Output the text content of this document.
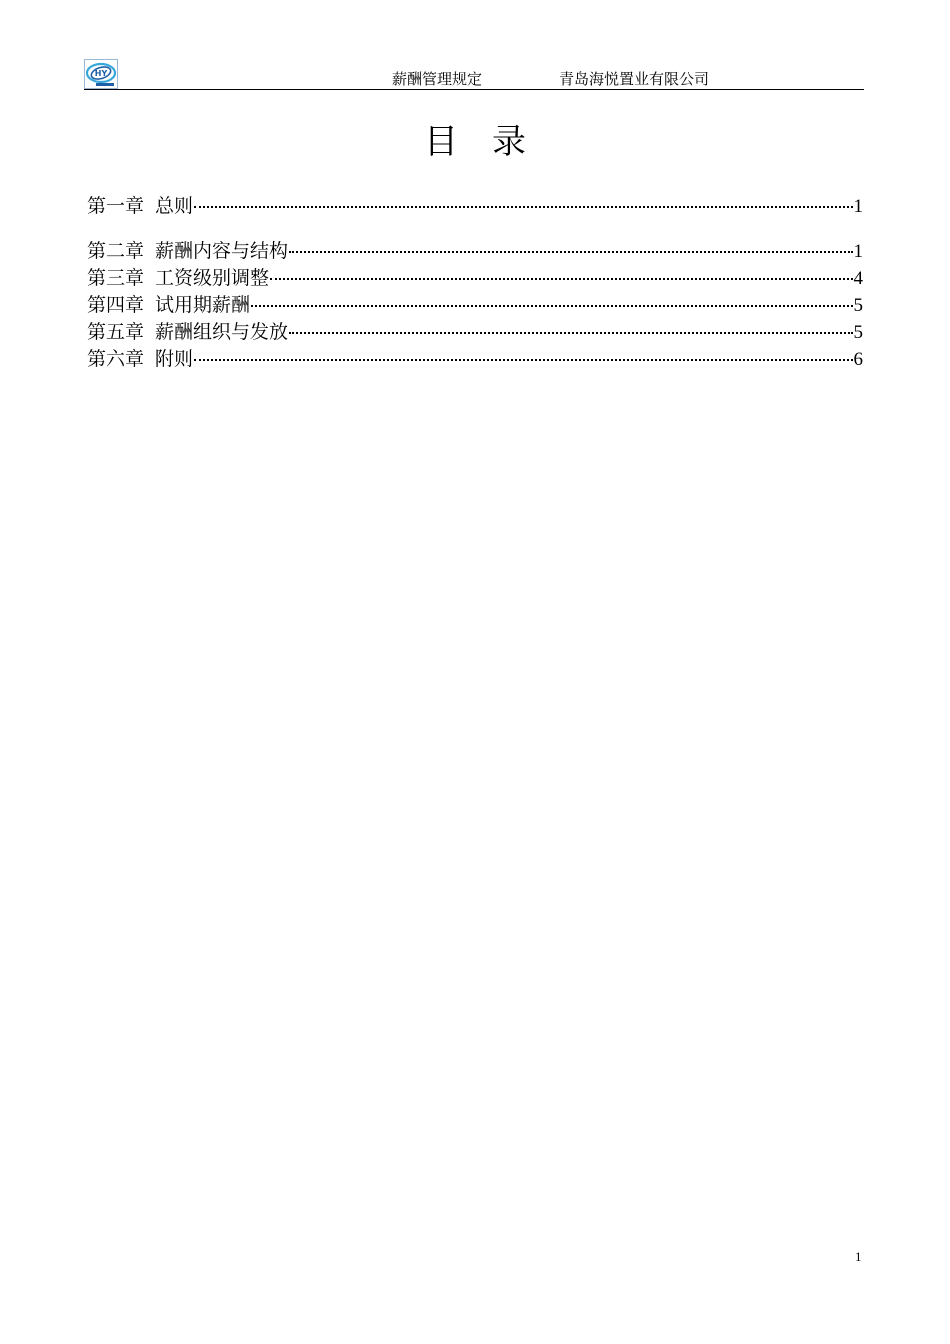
HY	薪酬管理规定	青岛海悦置业有限公司
目　录
第一章 总则	1
第二章 薪酬内容与结构	1
第三章 工资级别调整	4
第四章 试用期薪酬	5
第五章 薪酬组织与发放	5
第六章 附则	6
1
